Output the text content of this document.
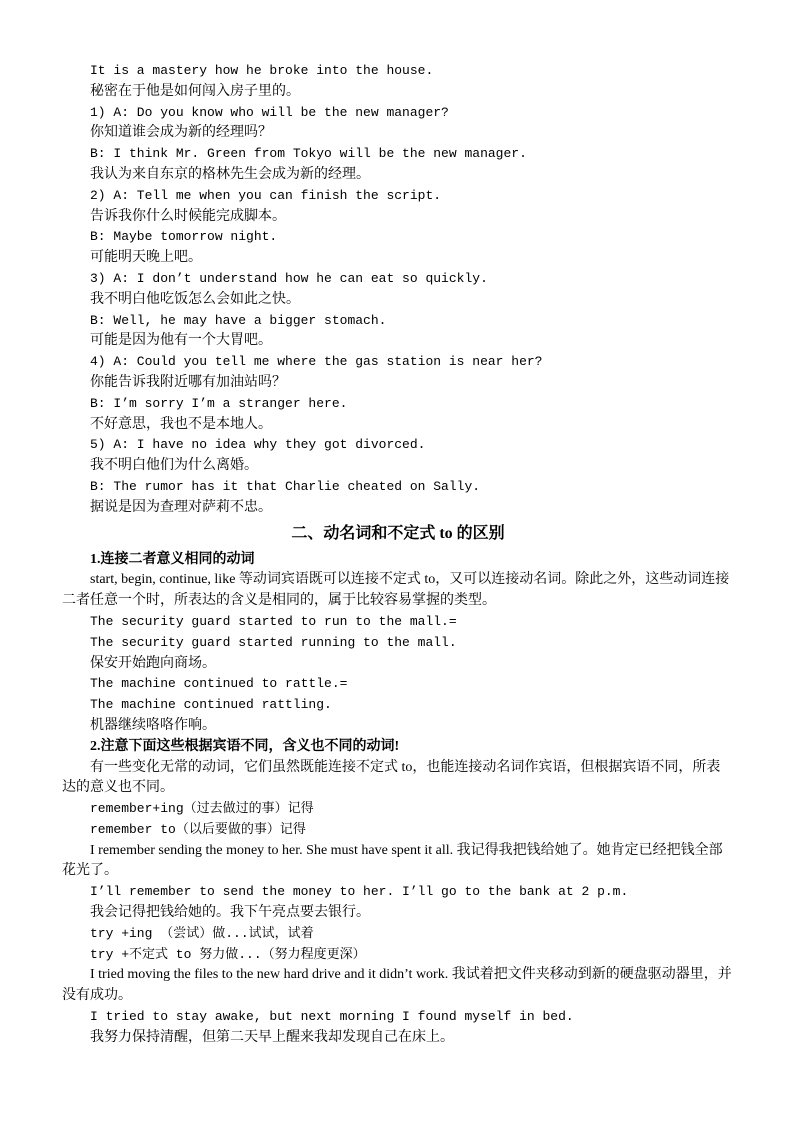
It is a mastery how he broke into the house.
秘密在于他是如何闯入房子里的。
1) A: Do you know who will be the new manager?
你知道谁会成为新的经理吗？
B: I think Mr. Green from Tokyo will be the new manager.
我认为来自东京的格林先生会成为新的经理。
2) A: Tell me when you can finish the script.
告诉我你什么时候能完成脚本。
B: Maybe tomorrow night.
可能明天晚上吧。
3) A: I don’t understand how he can eat so quickly.
我不明白他吃饭怎么会如此之快。
B: Well, he may have a bigger stomach.
可能是因为他有一个大胃吧。
4) A: Could you tell me where the gas station is near her?
你能告诉我附近哪有加油站吗？
B: I’m sorry I’m a stranger here.
不好意思，我也不是本地人。
5) A: I have no idea why they got divorced.
我不明白他们为什么离婚。
B: The rumor has it that Charlie cheated on Sally.
据说是因为查理对萨莉不忠。
二、动名词和不定式 to 的区别
1.连接二者意义相同的动词
start, begin, continue, like 等动词宾语既可以连接不定式 to，又可以连接动名词。除此之外，这些动词连接二者任意一个时，所表达的含义是相同的，属于比较容易掌握的类型。
The security guard started to run to the mall.=
The security guard started running to the mall.
保安开始跑向商场。
The machine continued to rattle.=
The machine continued rattling.
机器继续咯咯作响。
2.注意下面这些根据宾语不同，含义也不同的动词!
有一些变化无常的动词，它们虽然既能连接不定式 to，也能连接动名词作宾语，但根据宾语不同，所表达的意义也不同。
remember+ing（过去做过的事）记得
remember to（以后要做的事）记得
I remember sending the money to her. She must have spent it all. 我记得我把钱给她了。她肯定已经把钱全部花光了。
I’ll remember to send the money to her. I’ll go to the bank at 2 p.m.
我会记得把钱给她的。我下午亮点要去银行。
try +ing （尝试）做...试试，试着
try +不定式 to 努力做...（努力程度更深）
I tried moving the files to the new hard drive and it didn’t work. 我试着把文件夹移动到新的硬盘驱动器里，并没有成功。
I tried to stay awake, but next morning I found myself in bed.
我努力保持清醒，但第二天早上醒来我却发现自己在床上。
